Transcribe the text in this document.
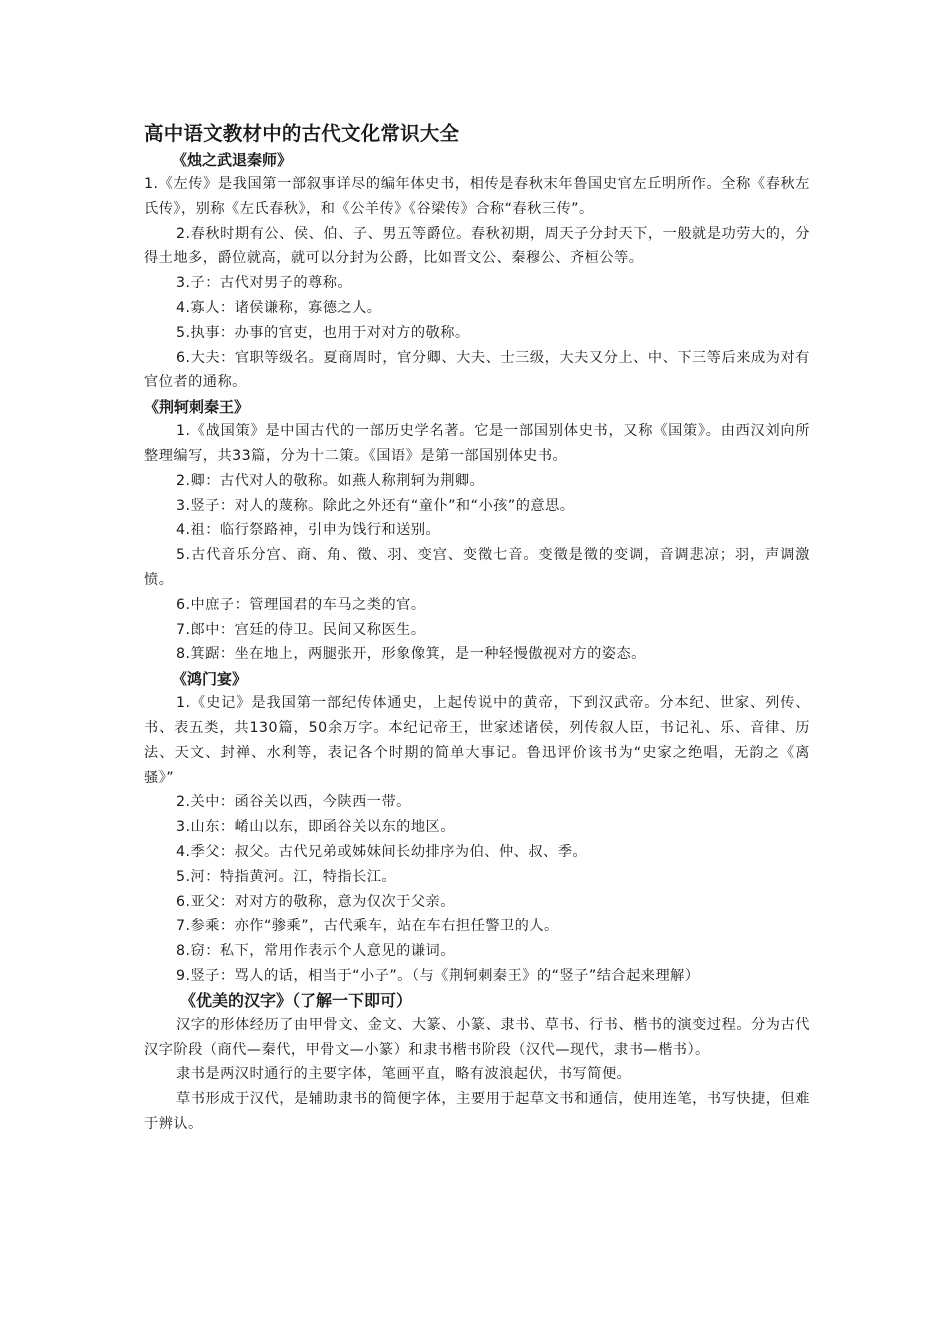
高中语文教材中的古代文化常识大全
《烛之武退秦师》

1.《左传》是我国第一部叙事详尽的编年体史书，相传是春秋末年鲁国史官左丘明所作。全称《春秋左氏传》，别称《左氏春秋》，和《公羊传》《谷梁传》合称“春秋三传”。

2.春秋时期有公、侯、伯、子、男五等爵位。春秋初期，周天子分封天下，一般就是功劳大的，分得土地多，爵位就高，就可以分封为公爵，比如晋文公、秦穆公、齐桓公等。

3.子：古代对男子的尊称。

4.寡人：诸侯谦称，寡德之人。

5.执事：办事的官吏，也用于对对方的敬称。

6.大夫：官职等级名。夏商周时，官分卿、大夫、士三级，大夫又分上、中、下三等后来成为对有官位者的通称。

《荆轲刺秦王》

1.《战国策》是中国古代的一部历史学名著。它是一部国别体史书，又称《国策》。由西汉刘向所整理编写，共33篇，分为十二策。《国语》是第一部国别体史书。

2.卿：古代对人的敬称。如燕人称荆轲为荆卿。

3.竖子：对人的蔑称。除此之外还有“童仆”和“小孩”的意思。

4.祖：临行祭路神，引申为饯行和送别。

5.古代音乐分宫、商、角、徵、羽、变宫、变徵七音。变徵是徵的变调，音调悲凉；羽，声调激愤。

6.中庶子：管理国君的车马之类的官。

7.郎中：宫廷的侍卫。民间又称医生。

8.箕踞：坐在地上，两腿张开，形象像箕，是一种轻慢傲视对方的姿态。

《鸿门宴》

1.《史记》是我国第一部纪传体通史，上起传说中的黄帝，下到汉武帝。分本纪、世家、列传、书、表五类，共130篇，50余万字。本纪记帝王，世家述诸侯，列传叙人臣，书记礼、乐、音律、历法、天文、封禅、水利等，表记各个时期的简单大事记。鲁迅评价该书为“史家之绝唱，无韵之《离骚》”

2.关中：函谷关以西，今陕西一带。

3.山东：崤山以东，即函谷关以东的地区。

4.季父：叔父。古代兄弟或姊妹间长幼排序为伯、仲、叔、季。

5.河：特指黄河。江，特指长江。

6.亚父：对对方的敬称，意为仅次于父亲。

7.参乘：亦作“骖乘”，古代乘车，站在车右担任警卫的人。

8.窃：私下，常用作表示个人意见的谦词。

9.竖子：骂人的话，相当于“小子”。（与《荆轲刺秦王》的“竖子”结合起来理解）

《优美的汉字》（了解一下即可）

汉字的形体经历了由甲骨文、金文、大篆、小篆、隶书、草书、行书、楷书的演变过程。分为古代汉字阶段（商代—秦代，甲骨文—小篆）和隶书楷书阶段（汉代—现代，隶书—楷书）。

隶书是两汉时通行的主要字体，笔画平直，略有波浪起伏，书写简便。

草书形成于汉代，是辅助隶书的简便字体，主要用于起草文书和通信，使用连笔，书写快捷，但难于辨认。
